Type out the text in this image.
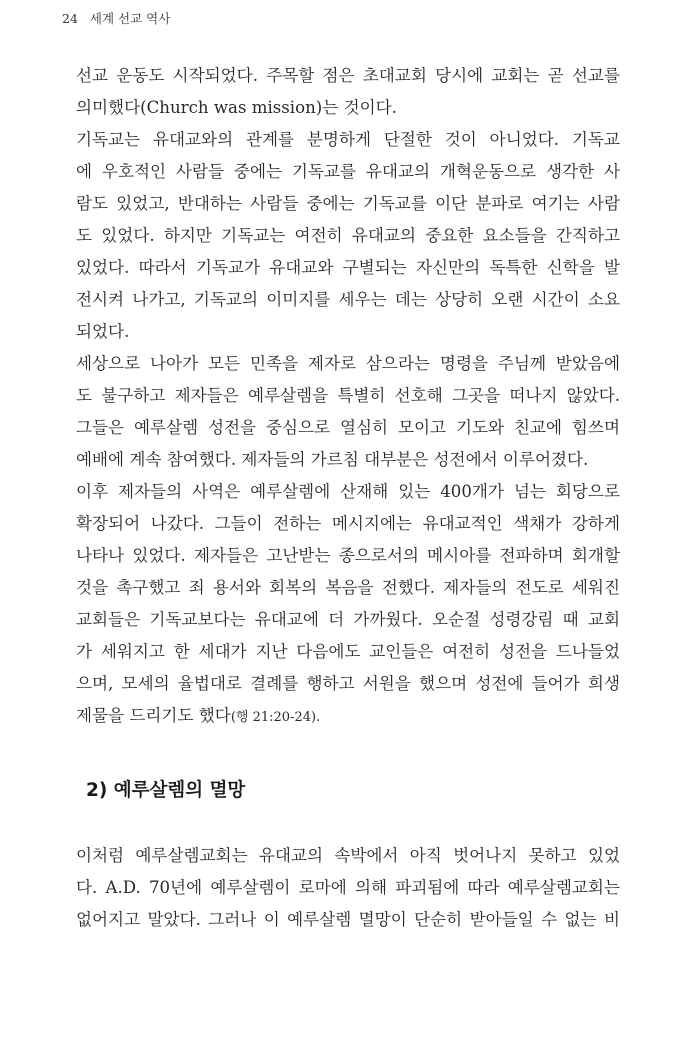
24 세계 선교 역사
선교 운동도 시작되었다. 주목할 점은 초대교회 당시에 교회는 곧 선교를
의미했다(Church was mission)는 것이다.
기독교는 유대교와의 관계를 분명하게 단절한 것이 아니었다. 기독교
에 우호적인 사람들 중에는 기독교를 유대교의 개혁운동으로 생각한 사
람도 있었고, 반대하는 사람들 중에는 기독교를 이단 분파로 여기는 사람
도 있었다. 하지만 기독교는 여전히 유대교의 중요한 요소들을 간직하고
있었다. 따라서 기독교가 유대교와 구별되는 자신만의 독특한 신학을 발
전시켜 나가고, 기독교의 이미지를 세우는 데는 상당히 오랜 시간이 소요
되었다.
세상으로 나아가 모든 민족을 제자로 삼으라는 명령을 주님께 받았음에
도 불구하고 제자들은 예루살렘을 특별히 선호해 그곳을 떠나지 않았다.
그들은 예루살렘 성전을 중심으로 열심히 모이고 기도와 친교에 힘쓰며
예배에 계속 참여했다. 제자들의 가르침 대부분은 성전에서 이루어졌다.
이후 제자들의 사역은 예루살렘에 산재해 있는 400개가 넘는 회당으로
확장되어 나갔다. 그들이 전하는 메시지에는 유대교적인 색채가 강하게
나타나 있었다. 제자들은 고난받는 종으로서의 메시아를 전파하며 회개할
것을 촉구했고 죄 용서와 회복의 복음을 전했다. 제자들의 전도로 세워진
교회들은 기독교보다는 유대교에 더 가까웠다. 오순절 성령강림 때 교회
가 세워지고 한 세대가 지난 다음에도 교인들은 여전히 성전을 드나들었
으며, 모세의 율법대로 결례를 행하고 서원을 했으며 성전에 들어가 희생
제물을 드리기도 했다(행 21:20-24).
2) 예루살렘의 멸망
이처럼 예루살렘교회는 유대교의 속박에서 아직 벗어나지 못하고 있었
다. A.D. 70년에 예루살렘이 로마에 의해 파괴됨에 따라 예루살렘교회는
없어지고 말았다. 그러나 이 예루살렘 멸망이 단순히 받아들일 수 없는 비
